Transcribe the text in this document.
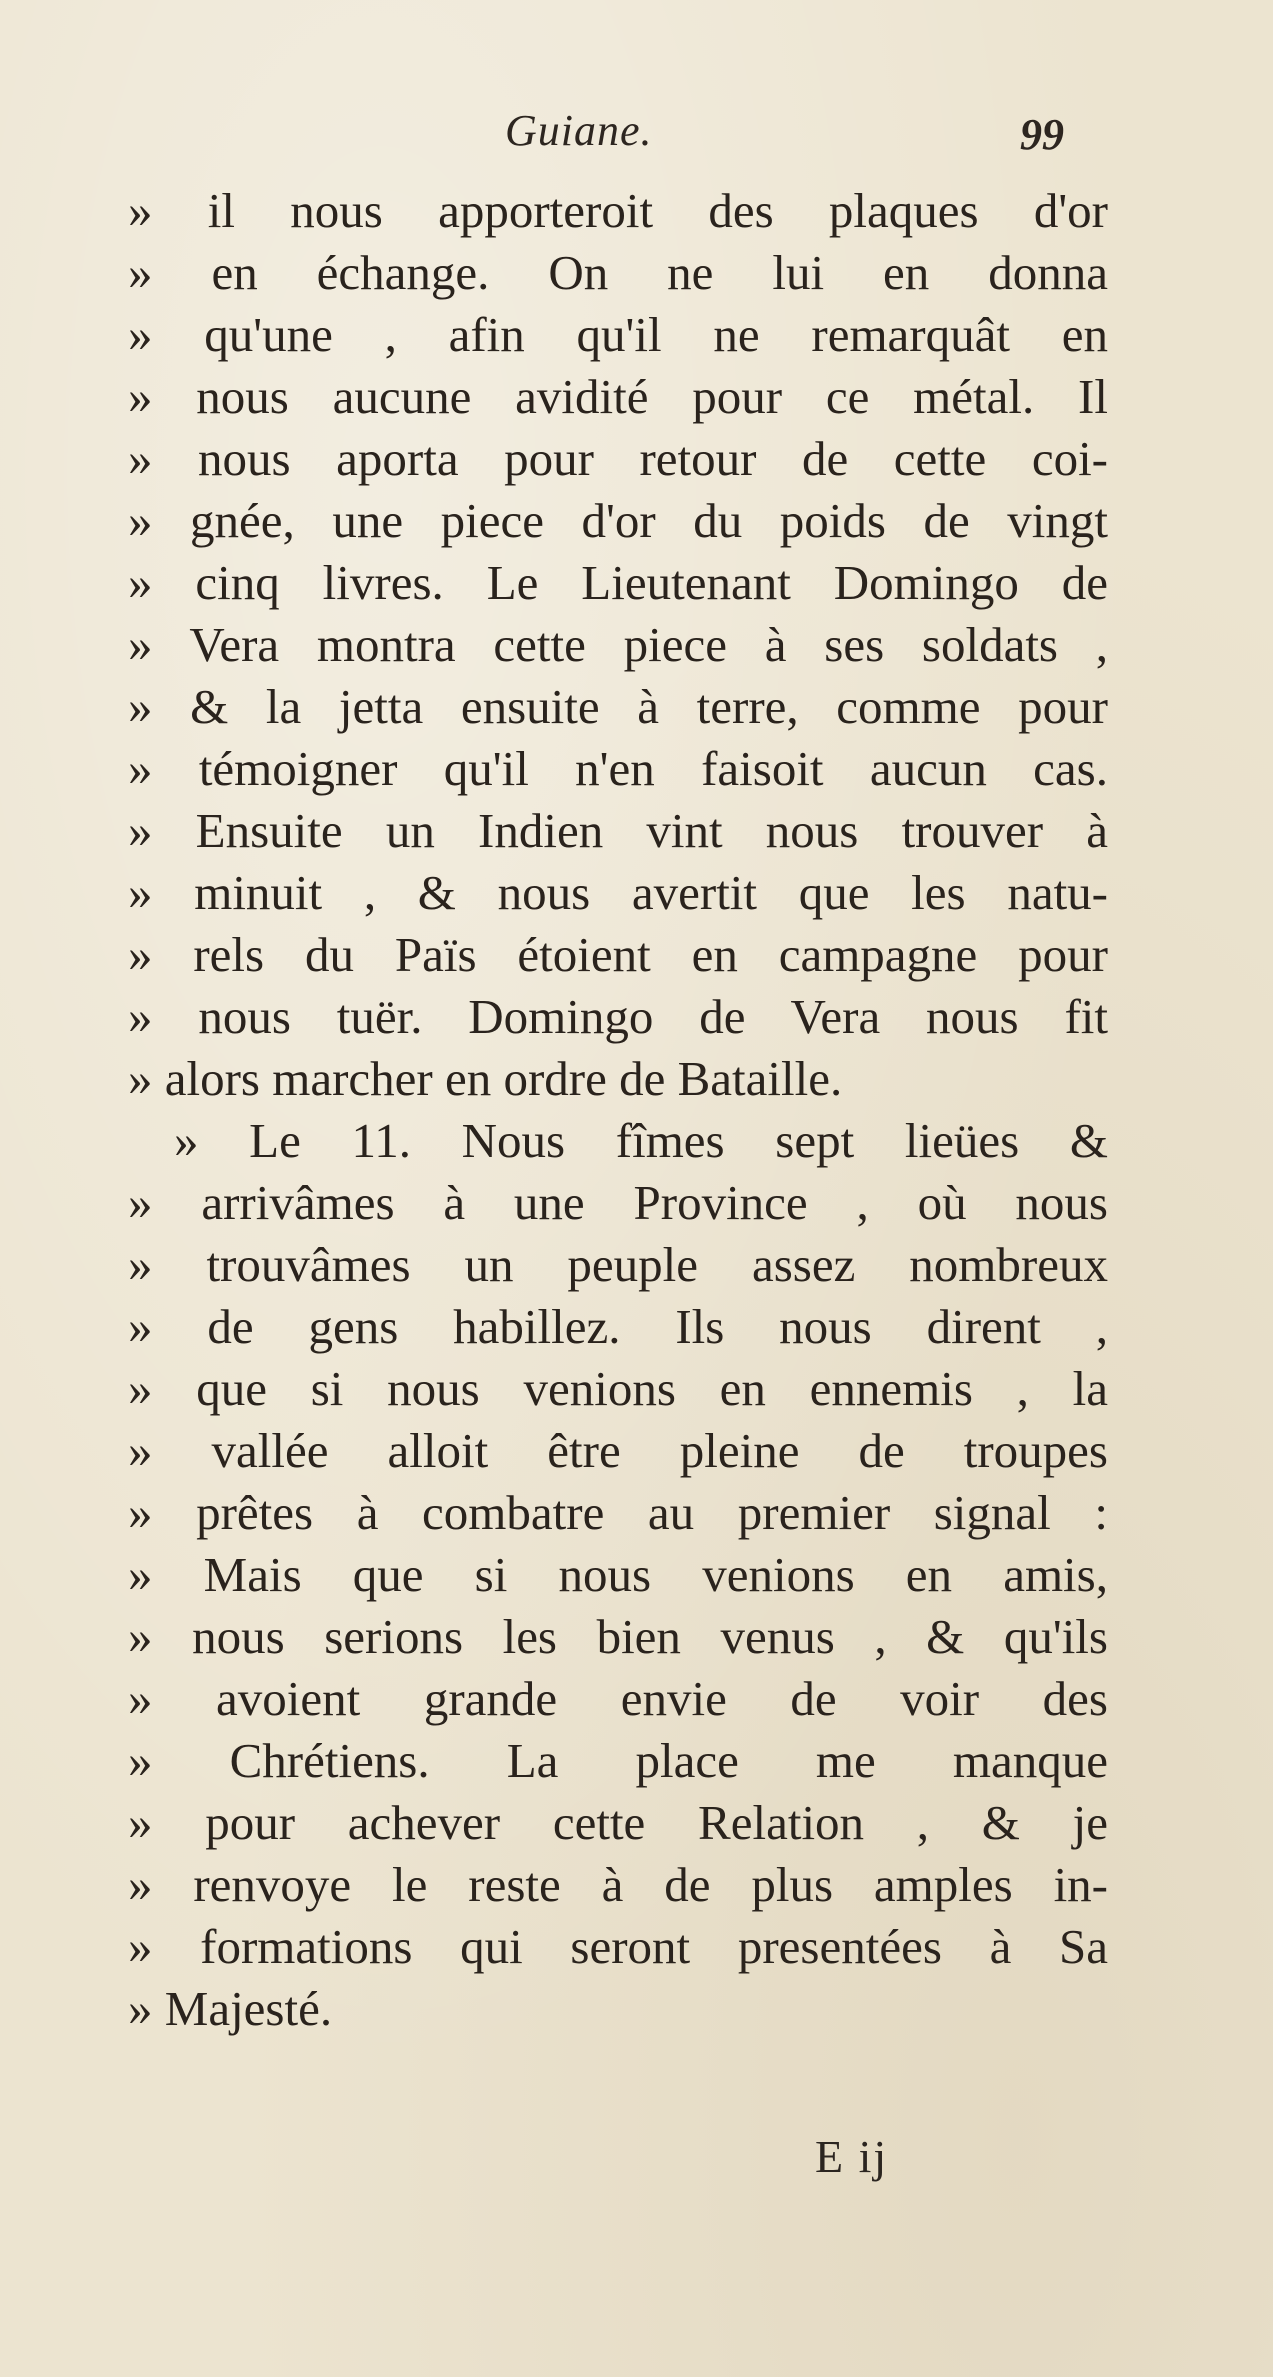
Guiane.	99
» il nous apporteroit des plaques d'or
» en échange. On ne lui en donna
» qu'une , afin qu'il ne remarquât en
» nous aucune avidité pour ce métal. Il
» nous aporta pour retour de cette coi-
» gnée, une piece d'or du poids de vingt
» cinq livres. Le Lieutenant Domingo de
» Vera montra cette piece à ses soldats ,
» & la jetta ensuite à terre, comme pour
» témoigner qu'il n'en faisoit aucun cas.
» Ensuite un Indien vint nous trouver à
» minuit , & nous avertit que les natu-
» rels du Païs étoient en campagne pour
» nous tuër. Domingo de Vera nous fit
» alors marcher en ordre de Bataille.
» Le 11. Nous fîmes sept lieües &
» arrivâmes à une Province , où nous
» trouvâmes un peuple assez nombreux
» de gens habillez. Ils nous dirent ,
» que si nous venions en ennemis , la
» vallée alloit être pleine de troupes
» prêtes à combatre au premier signal :
» Mais que si nous venions en amis,
» nous serions les bien venus , & qu'ils
» avoient grande envie de voir des
» Chrétiens. La place me manque
» pour achever cette Relation , & je
» renvoye le reste à de plus amples in-
» formations qui seront presentées à Sa
» Majesté.
E ij
